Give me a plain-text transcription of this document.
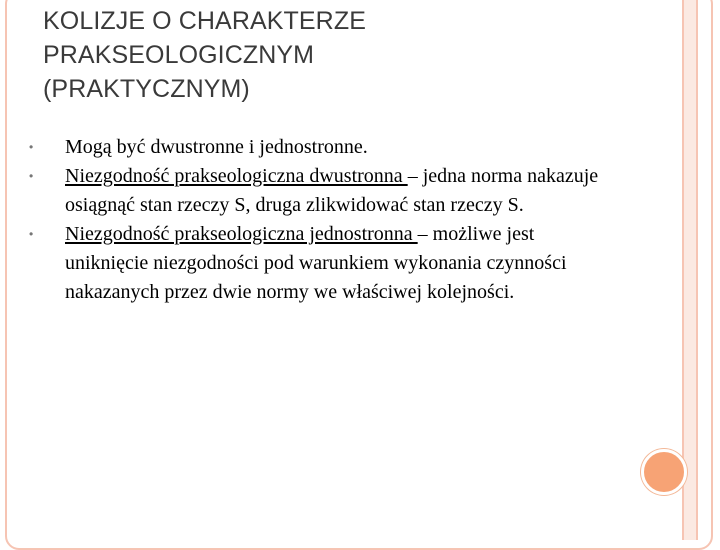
KOLIZJE O CHARAKTERZE
PRAKSEOLOGICZNYM
(PRAKTYCZNYM)
• Mogą być dwustronne i jednostronne.
• Niezgodność prakseologiczna dwustronna – jedna norma nakazuje osiągnąć stan rzeczy S, druga zlikwidować stan rzeczy S.
• Niezgodność prakseologiczna jednostronna – możliwe jest uniknięcie niezgodności pod warunkiem wykonania czynności nakazanych przez dwie normy we właściwej kolejności.
